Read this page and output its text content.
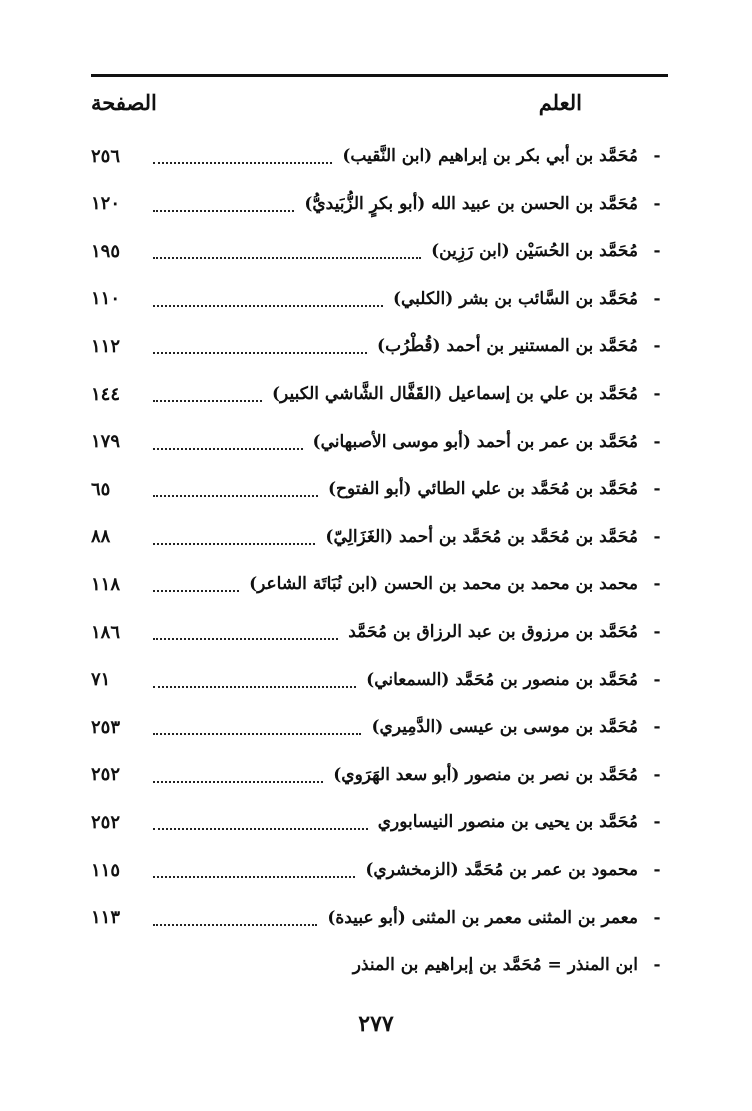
العلم
الصفحة
-
مُحَمَّد بن أبي بكر بن إبراهيم (ابن النَّقيب)
٢٥٦
-
مُحَمَّد بن الحسن بن عبيد الله (أبو بكرٍ الزُّبَيديُّ)
١٢٠
-
مُحَمَّد بن الحُسَيْن (ابن رَزِين)
١٩٥
-
مُحَمَّد بن السَّائب بن بشر (الكلبي)
١١٠
-
مُحَمَّد بن المستنير بن أحمد (قُطْرُب)
١١٢
-
مُحَمَّد بن علي بن إسماعيل (القَفَّال الشَّاشي الكبير)
١٤٤
-
مُحَمَّد بن عمر بن أحمد (أبو موسى الأصبهاني)
١٧٩
-
مُحَمَّد بن مُحَمَّد بن علي الطائي (أبو الفتوح)
٦٥
-
مُحَمَّد بن مُحَمَّد بن مُحَمَّد بن أحمد (الغَزَالِيّ)
٨٨
-
محمد بن محمد بن محمد بن الحسن (ابن نُبَاتَة الشاعر)
١١٨
-
مُحَمَّد بن مرزوق بن عبد الرزاق بن مُحَمَّد
١٨٦
-
مُحَمَّد بن منصور بن مُحَمَّد (السمعاني)
٧١
-
مُحَمَّد بن موسى بن عيسى (الدَّمِيري)
٢٥٣
-
مُحَمَّد بن نصر بن منصور (أبو سعد الهَرَوي)
٢٥٢
-
مُحَمَّد بن يحيى بن منصور النيسابوري
٢٥٢
-
محمود بن عمر بن مُحَمَّد (الزمخشري)
١١٥
-
معمر بن المثنى معمر بن المثنى (أبو عبيدة)
١١٣
-
ابن المنذر = مُحَمَّد بن إبراهيم بن المنذر
٢٧٧
